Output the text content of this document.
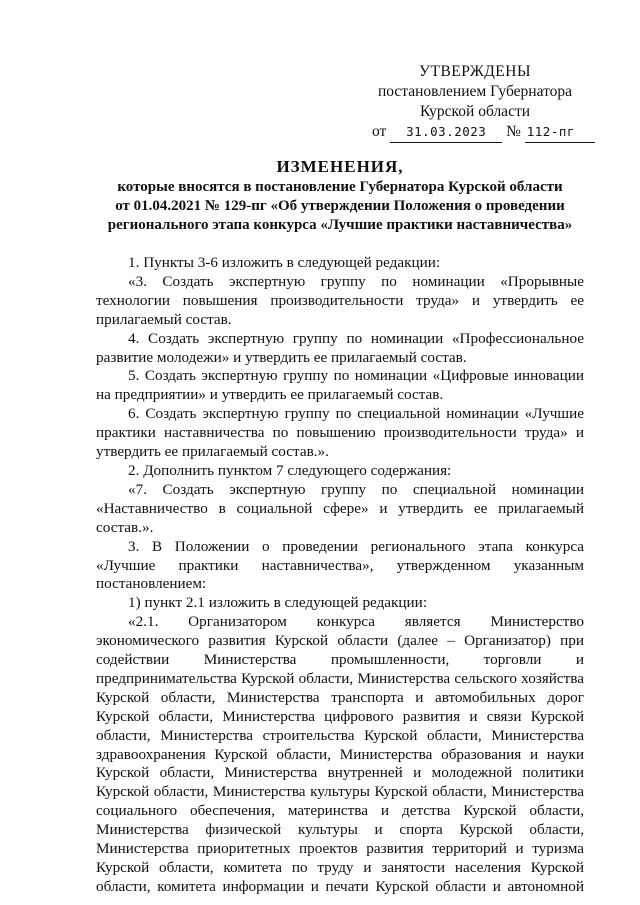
УТВЕРЖДЕНЫ
постановлением Губернатора
Курской области
от 31.03.2023 № 112-пг
ИЗМЕНЕНИЯ,
которые вносятся в постановление Губернатора Курской области
от 01.04.2021 № 129-пг «Об утверждении Положения о проведении
регионального этапа конкурса «Лучшие практики наставничества»

1. Пункты 3-6 изложить в следующей редакции:

«3. Создать экспертную группу по номинации «Прорывные технологии повышения производительности труда» и утвердить ее прилагаемый состав.

4. Создать экспертную группу по номинации «Профессиональное развитие молодежи» и утвердить ее прилагаемый состав.

5. Создать экспертную группу по номинации «Цифровые инновации на предприятии» и утвердить ее прилагаемый состав.

6. Создать экспертную группу по специальной номинации «Лучшие практики наставничества по повышению производительности труда» и утвердить ее прилагаемый состав.».

2. Дополнить пунктом 7 следующего содержания:

«7. Создать экспертную группу по специальной номинации «Наставничество в социальной сфере» и утвердить ее прилагаемый состав.».

3. В Положении о проведении регионального этапа конкурса «Лучшие практики наставничества», утвержденном указанным постановлением:

1) пункт 2.1 изложить в следующей редакции:

«2.1. Организатором конкурса является Министерство экономического развития Курской области (далее – Организатор) при содействии Министерства промышленности, торговли и предпринимательства Курской области, Министерства сельского хозяйства Курской области, Министерства транспорта и автомобильных дорог Курской области, Министерства цифрового развития и связи Курской области, Министерства строительства Курской области, Министерства здравоохранения Курской области, Министерства образования и науки Курской области, Министерства внутренней и молодежной политики Курской области, Министерства культуры Курской области, Министерства социального обеспечения, материнства и детства Курской области, Министерства физической культуры и спорта Курской области, Министерства приоритетных проектов развития территорий и туризма Курской области, комитета по труду и занятости населения Курской области, комитета информации и печати Курской области и автономной
